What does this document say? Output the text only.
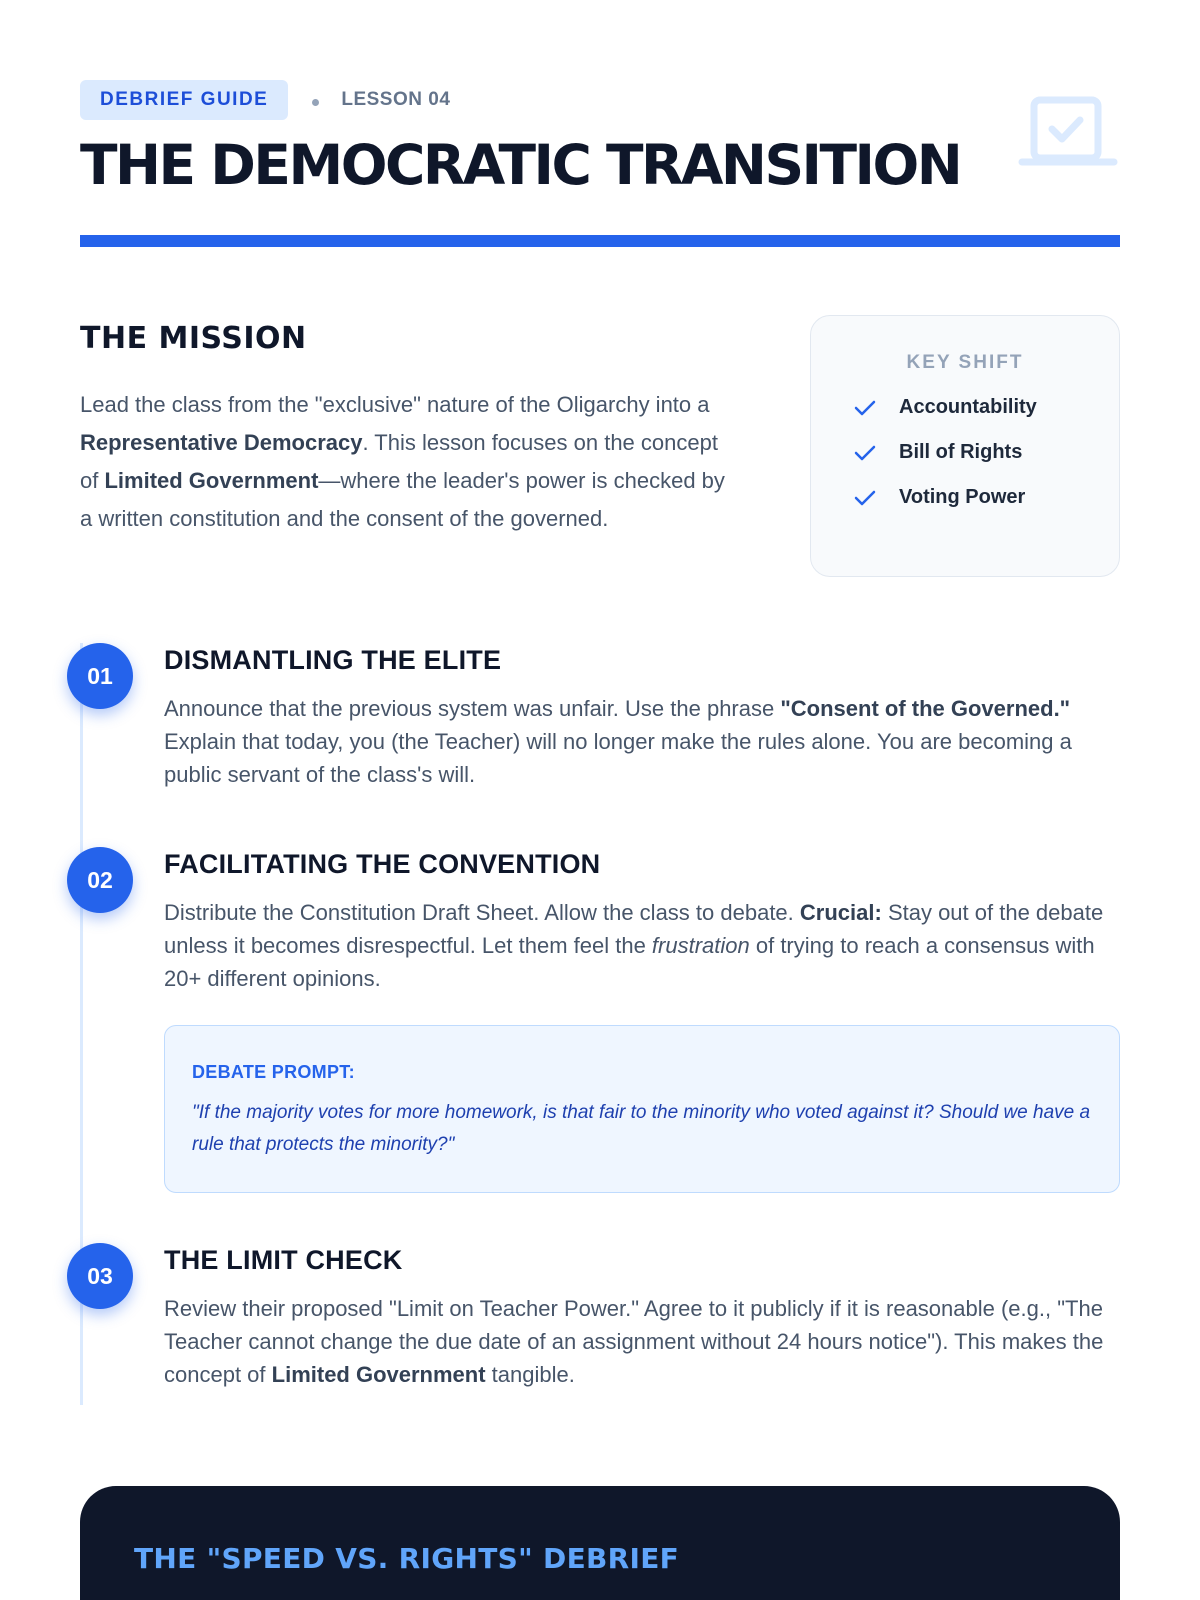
DEBRIEF GUIDE	LESSON 04
THE DEMOCRATIC TRANSITION
THE MISSION
Lead the class from the "exclusive" nature of the Oligarchy into a Representative Democracy. This lesson focuses on the concept of Limited Government—where the leader's power is checked by a written constitution and the consent of the governed.
KEY SHIFT
Accountability
Bill of Rights
Voting Power
01
DISMANTLING THE ELITE
Announce that the previous system was unfair. Use the phrase "Consent of the Governed." Explain that today, you (the Teacher) will no longer make the rules alone. You are becoming a public servant of the class's will.
02
FACILITATING THE CONVENTION
Distribute the Constitution Draft Sheet. Allow the class to debate. Crucial: Stay out of the debate unless it becomes disrespectful. Let them feel the frustration of trying to reach a consensus with 20+ different opinions.
DEBATE PROMPT:
"If the majority votes for more homework, is that fair to the minority who voted against it? Should we have a rule that protects the minority?"
03
THE LIMIT CHECK
Review their proposed "Limit on Teacher Power." Agree to it publicly if it is reasonable (e.g., "The Teacher cannot change the due date of an assignment without 24 hours notice"). This makes the concept of Limited Government tangible.
THE "SPEED VS. RIGHTS" DEBRIEF
